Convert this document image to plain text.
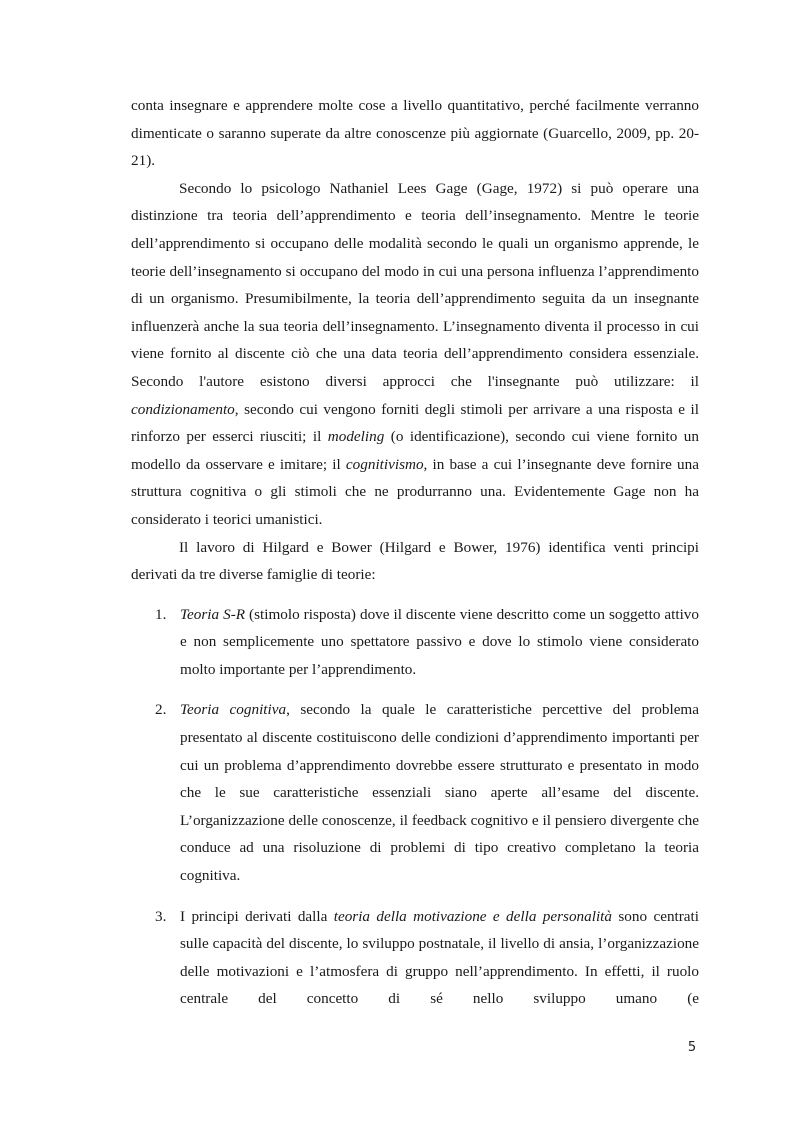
conta insegnare e apprendere molte cose a livello quantitativo, perché facilmente verranno dimenticate o saranno superate da altre conoscenze più aggiornate (Guarcello, 2009, pp. 20-21).

Secondo lo psicologo Nathaniel Lees Gage (Gage, 1972) si può operare una distinzione tra teoria dell’apprendimento e teoria dell’insegnamento. Mentre le teorie dell’apprendimento si occupano delle modalità secondo le quali un organismo apprende, le teorie dell’insegnamento si occupano del modo in cui una persona influenza l’apprendimento di un organismo. Presumibilmente, la teoria dell’apprendimento seguita da un insegnante influenzerà anche la sua teoria dell’insegnamento. L’insegnamento diventa il processo in cui viene fornito al discente ciò che una data teoria dell’apprendimento considera essenziale. Secondo l'autore esistono diversi approcci che l'insegnante può utilizzare: il condizionamento, secondo cui vengono forniti degli stimoli per arrivare a una risposta e il rinforzo per esserci riusciti; il modeling (o identificazione), secondo cui viene fornito un modello da osservare e imitare; il cognitivismo, in base a cui l’insegnante deve fornire una struttura cognitiva o gli stimoli che ne produrranno una. Evidentemente Gage non ha considerato i teorici umanistici.

Il lavoro di Hilgard e Bower (Hilgard e Bower, 1976) identifica venti principi derivati da tre diverse famiglie di teorie:

1. Teoria S-R (stimolo risposta) dove il discente viene descritto come un soggetto attivo e non semplicemente uno spettatore passivo e dove lo stimolo viene considerato molto importante per l’apprendimento.
2. Teoria cognitiva, secondo la quale le caratteristiche percettive del problema presentato al discente costituiscono delle condizioni d’apprendimento importanti per cui un problema d’apprendimento dovrebbe essere strutturato e presentato in modo che le sue caratteristiche essenziali siano aperte all’esame del discente. L’organizzazione delle conoscenze, il feedback cognitivo e il pensiero divergente che conduce ad una risoluzione di problemi di tipo creativo completano la teoria cognitiva.
3. I principi derivati dalla teoria della motivazione e della personalità sono centrati sulle capacità del discente, lo sviluppo postnatale, il livello di ansia, l’organizzazione delle motivazioni e l’atmosfera di gruppo nell’apprendimento. In effetti, il ruolo centrale del concetto di sé nello sviluppo umano (e
5
